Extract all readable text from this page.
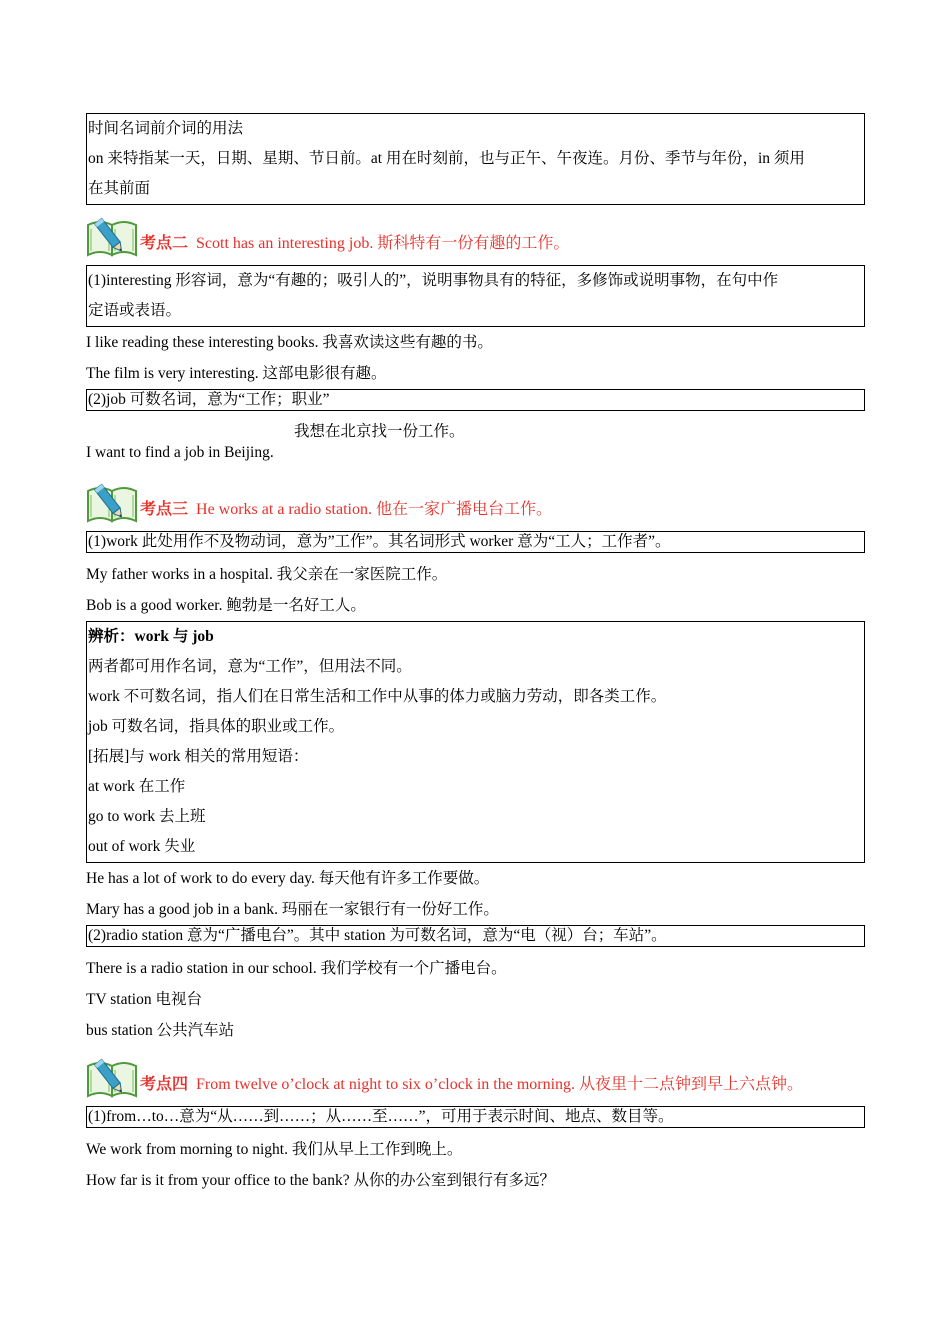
时间名词前介词的用法
on 来特指某一天，日期、星期、节日前。at 用在时刻前，也与正午、午夜连。月份、季节与年份，in 须用
在其前面
考点二 Scott has an interesting job. 斯科特有一份有趣的工作。
(1)interesting 形容词，意为“有趣的；吸引人的”，说明事物具有的特征，多修饰或说明事物，在句中作
定语或表语。
I like reading these interesting books. 我喜欢读这些有趣的书。
The film is very interesting. 这部电影很有趣。
(2)job 可数名词，意为“工作；职业”
我想在北京找一份工作。
I want to find a job in Beijing.
考点三 He works at a radio station. 他在一家广播电台工作。
(1)work 此处用作不及物动词，意为”工作”。其名词形式 worker 意为“工人；工作者”。
My father works in a hospital. 我父亲在一家医院工作。
Bob is a good worker. 鲍勃是一名好工人。
辨析：work 与 job
两者都可用作名词，意为“工作”，但用法不同。
work 不可数名词，指人们在日常生活和工作中从事的体力或脑力劳动，即各类工作。
job 可数名词，指具体的职业或工作。
[拓展]与 work 相关的常用短语：
at work 在工作
go to work 去上班
out of work 失业
He has a lot of work to do every day. 每天他有许多工作要做。
Mary has a good job in a bank. 玛丽在一家银行有一份好工作。
(2)radio station 意为“广播电台”。其中 station 为可数名词，意为“电（视）台；车站”。
There is a radio station in our school. 我们学校有一个广播电台。
TV station 电视台
bus station 公共汽车站
考点四 From twelve o’clock at night to six o’clock in the morning. 从夜里十二点钟到早上六点钟。
(1)from…to…意为“从……到……；从……至……”，可用于表示时间、地点、数目等。
We work from morning to night. 我们从早上工作到晚上。
How far is it from your office to the bank? 从你的办公室到银行有多远？
